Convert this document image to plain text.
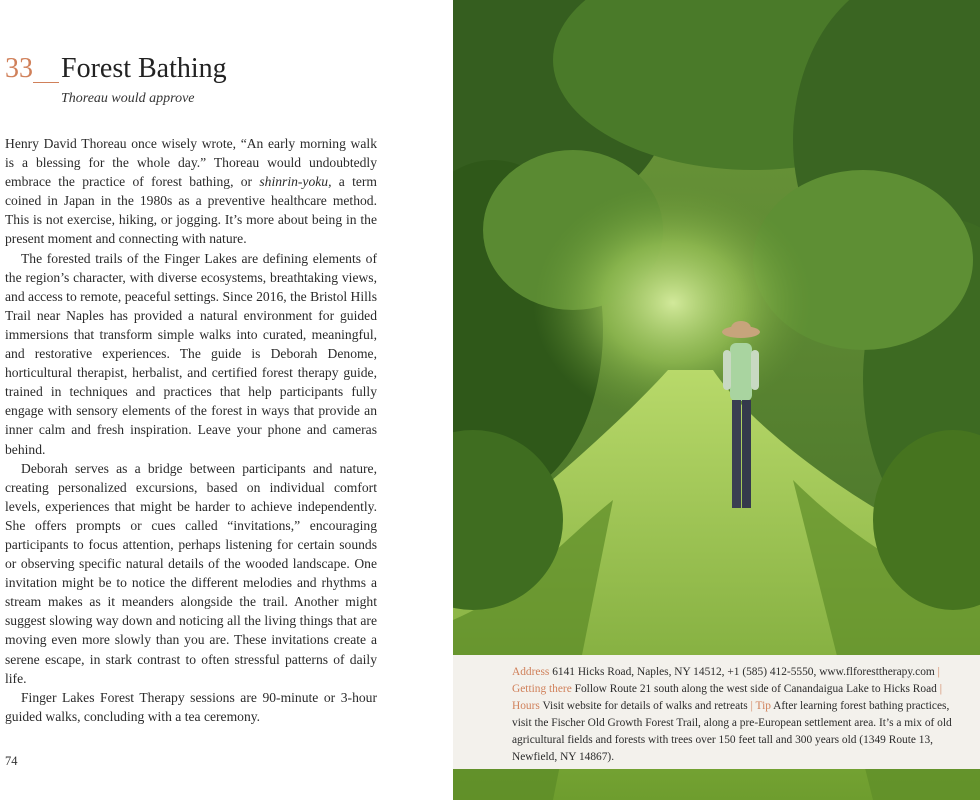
33 Forest Bathing
Thoreau would approve

Henry David Thoreau once wisely wrote, “An early morning walk is a blessing for the whole day.” Thoreau would undoubtedly embrace the practice of forest bathing, or shinrin-yoku, a term coined in Japan in the 1980s as a preventive healthcare method. This is not exercise, hiking, or jogging. It’s more about being in the present moment and connecting with nature.

The forested trails of the Finger Lakes are defining elements of the region’s character, with diverse ecosystems, breathtaking views, and access to remote, peaceful settings. Since 2016, the Bristol Hills Trail near Naples has provided a natural environment for guided immersions that transform simple walks into curated, meaningful, and restorative experiences. The guide is Deborah Denome, horticultural therapist, herbalist, and certified forest therapy guide, trained in techniques and practices that help participants fully engage with sensory elements of the forest in ways that provide an inner calm and fresh inspiration. Leave your phone and cameras behind.

Deborah serves as a bridge between participants and nature, creating personalized excursions, based on individual comfort levels, experiences that might be harder to achieve independently. She offers prompts or cues called “invitations,” encouraging participants to focus attention, perhaps listening for certain sounds or observing specific natural details of the wooded landscape. One invitation might be to notice the different melodies and rhythms a stream makes as it meanders alongside the trail. Another might suggest slowing way down and noticing all the living things that are moving even more slowly than you are. These invitations create a serene escape, in stark contrast to often stressful patterns of daily life.

Finger Lakes Forest Therapy sessions are 90-minute or 3-hour guided walks, concluding with a tea ceremony.

74
Address 6141 Hicks Road, Naples, NY 14512, +1 (585) 412-5550, www.flforesttherapy.com | Getting there Follow Route 21 south along the west side of Canandaigua Lake to Hicks Road | Hours Visit website for details of walks and retreats | Tip After learning forest bathing practices, visit the Fischer Old Growth Forest Trail, along a pre-European settlement area. It’s a mix of old agricultural fields and forests with trees over 150 feet tall and 300 years old (1349 Route 13, Newfield, NY 14867).
